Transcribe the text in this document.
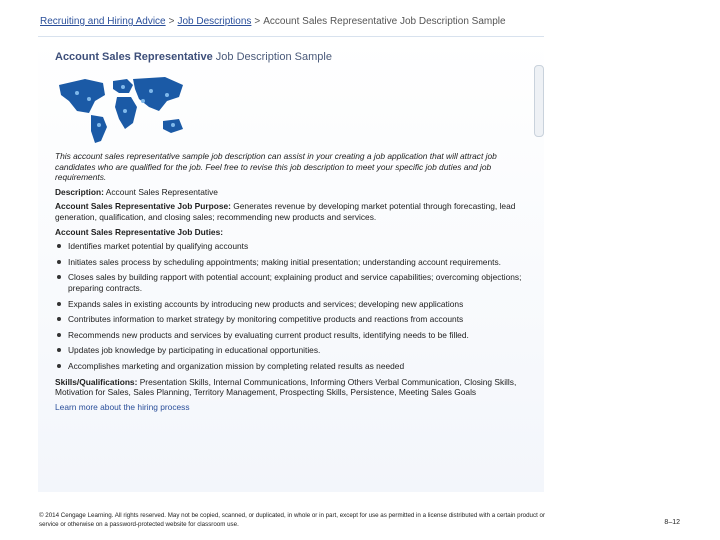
Recruiting and Hiring Advice > Job Descriptions > Account Sales Representative Job Description Sample
Account Sales Representative Job Description Sample

This account sales representative sample job description can assist in your creating a job application that will attract job candidates who are qualified for the job. Feel free to revise this job description to meet your specific job duties and job requirements.

Description: Account Sales Representative

Account Sales Representative Job Purpose: Generates revenue by developing market potential through forecasting, lead generation, qualification, and closing sales; recommending new products and services.

Account Sales Representative Job Duties:

Identifies market potential by qualifying accounts
Initiates sales process by scheduling appointments; making initial presentation; understanding account requirements.
Closes sales by building rapport with potential account; explaining product and service capabilities; overcoming objections; preparing contracts.
Expands sales in existing accounts by introducing new products and services; developing new applications
Contributes information to market strategy by monitoring competitive products and reactions from accounts
Recommends new products and services by evaluating current product results, identifying needs to be filled.
Updates job knowledge by participating in educational opportunities.
Accomplishes marketing and organization mission by completing related results as needed

Skills/Qualifications: Presentation Skills, Internal Communications, Informing Others Verbal Communication, Closing Skills, Motivation for Sales, Sales Planning, Territory Management, Prospecting Skills, Persistence, Meeting Sales Goals

Learn more about the hiring process

© 2014 Cengage Learning. All rights reserved. May not be copied, scanned, or duplicated, in whole or in part, except for use as permitted in a license distributed with a certain product or service or otherwise on a password-protected website for classroom use.	8–12
